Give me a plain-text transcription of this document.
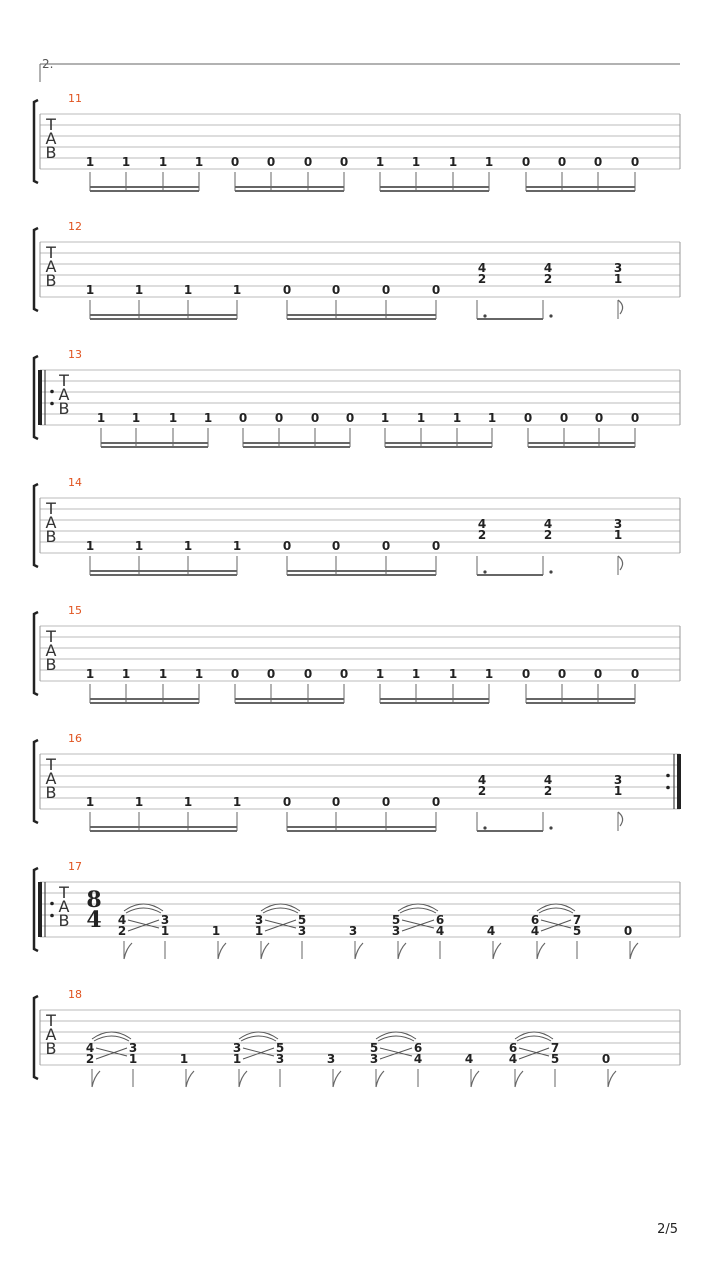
2.
11
T
A
B 1 1 1 1 0 0 0 0 1 1 1 1 0 0 0 0
12
T
A
B 1	1	1	1	0	0	0	0
4
2
4
2
3
1
13
T
A
B 1 1 1 1 0 0 0 0 1 1 1 1 0 0 0 0
14
T
A
B 1	1	1	1	0	0	0	0
4
2
4
2
3
1
15
T
A
B 1 1 1 1 0 0 0 0 1 1 1 1 0 0 0 0
16
T
A
B 1	1	1	1	0	0	0	0
4
2
4
2
3
1
17
T
A
B
8
4 4
2
3
1	1
3
1
5
3	3
5
3
6
4	4
6
4
7
5	0
18
T
A
B 4
2
3
1	1
3
1
5
3	3
5
3
6
4	4
6
4
7
5	0
2/5
